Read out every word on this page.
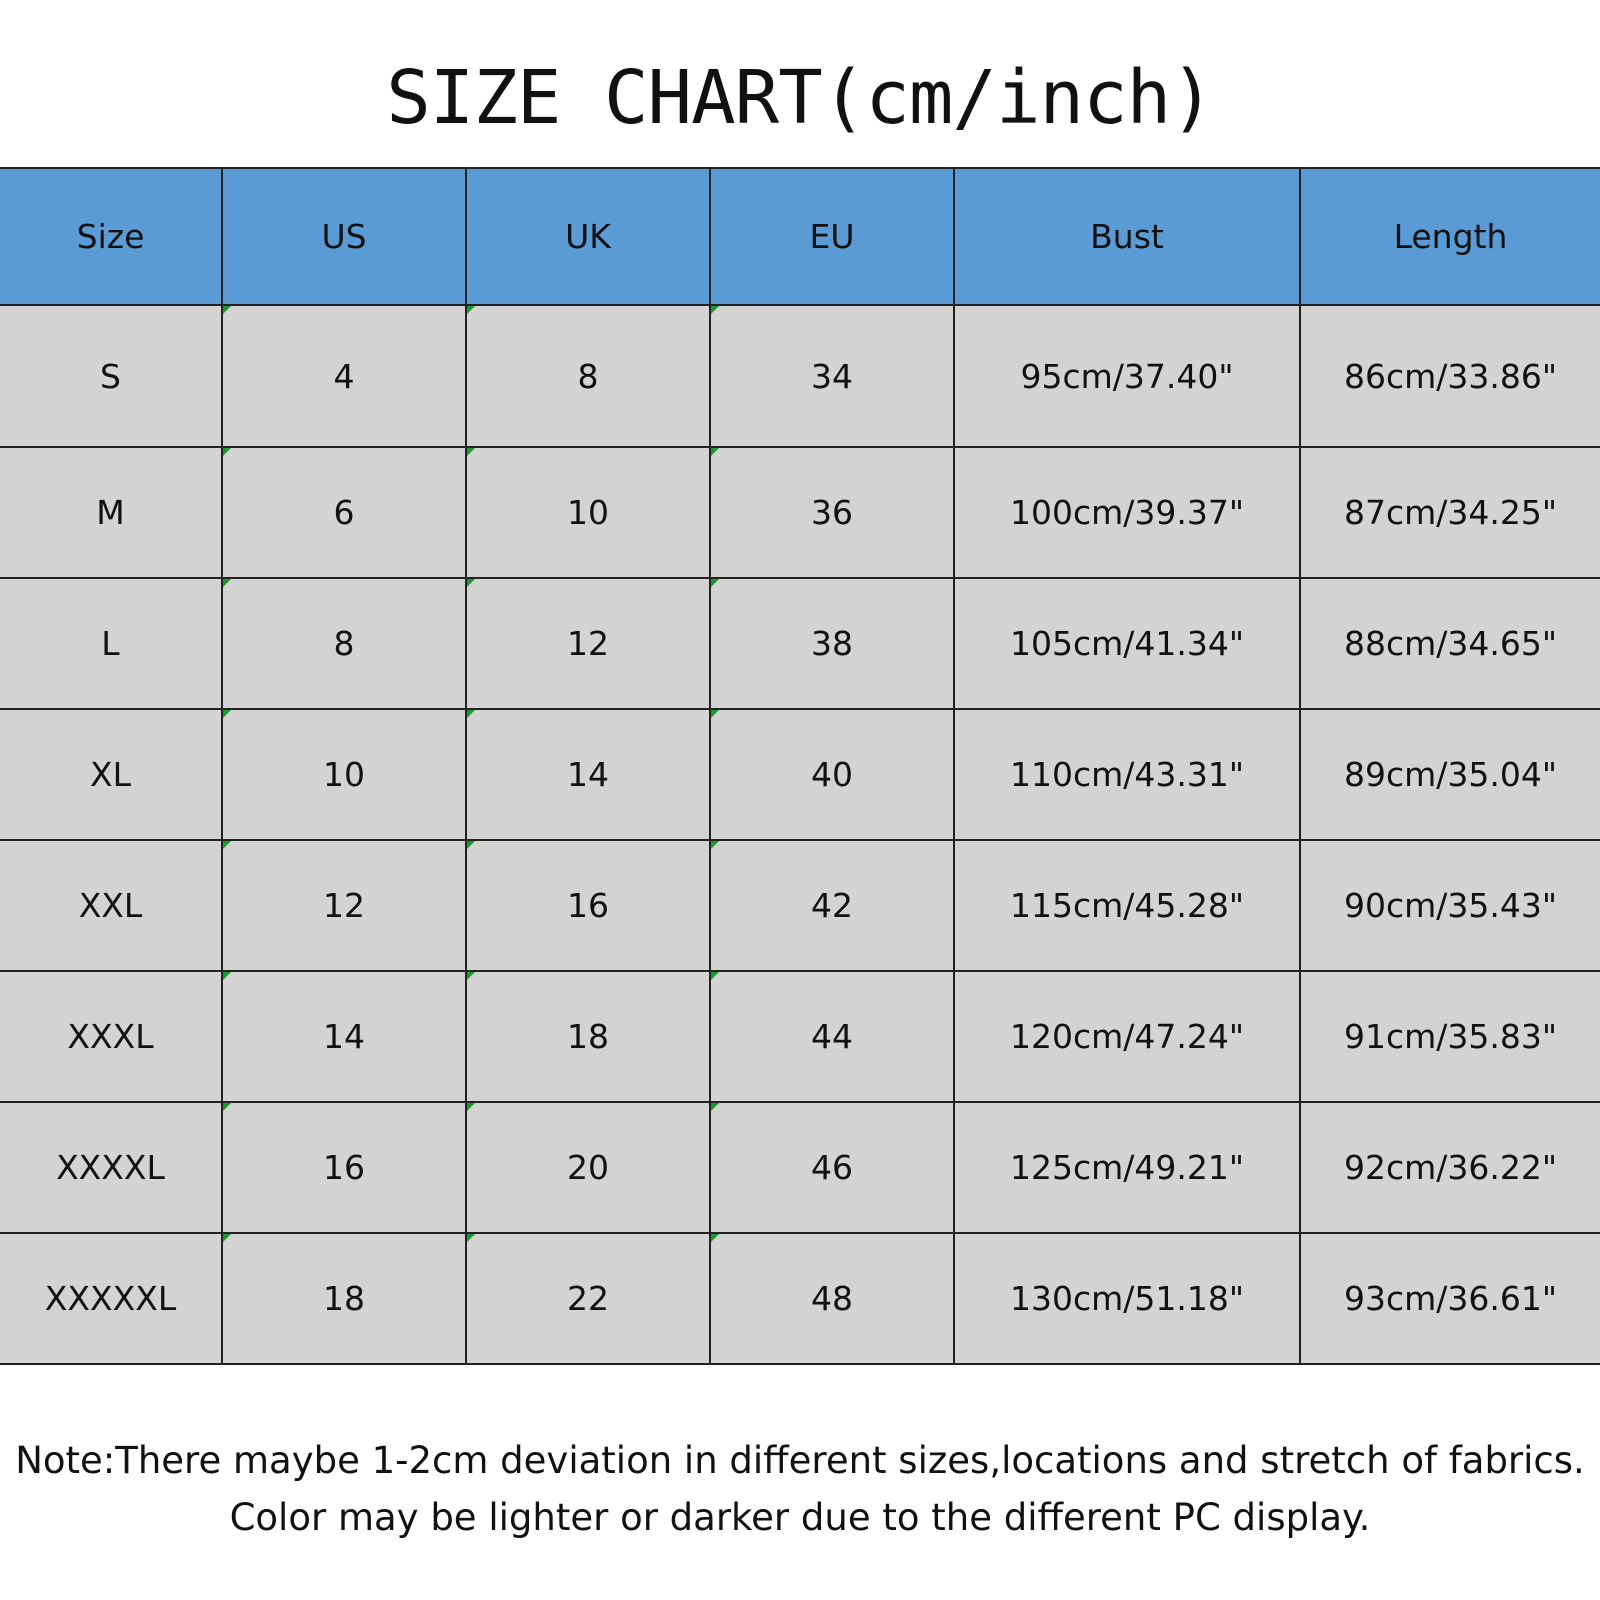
SIZE CHART(cm/inch)
Size	US	UK	EU	Bust	Length
S	4	8	34	95cm/37.40"	86cm/33.86"
M	6	10	36	100cm/39.37"	87cm/34.25"
L	8	12	38	105cm/41.34"	88cm/34.65"
XL	10	14	40	110cm/43.31"	89cm/35.04"
XXL	12	16	42	115cm/45.28"	90cm/35.43"
XXXL	14	18	44	120cm/47.24"	91cm/35.83"
XXXXL	16	20	46	125cm/49.21"	92cm/36.22"
XXXXXL	18	22	48	130cm/51.18"	93cm/36.61"

Note:There maybe 1-2cm deviation in different sizes,locations and stretch of fabrics.

Color may be lighter or darker due to the different PC display.
